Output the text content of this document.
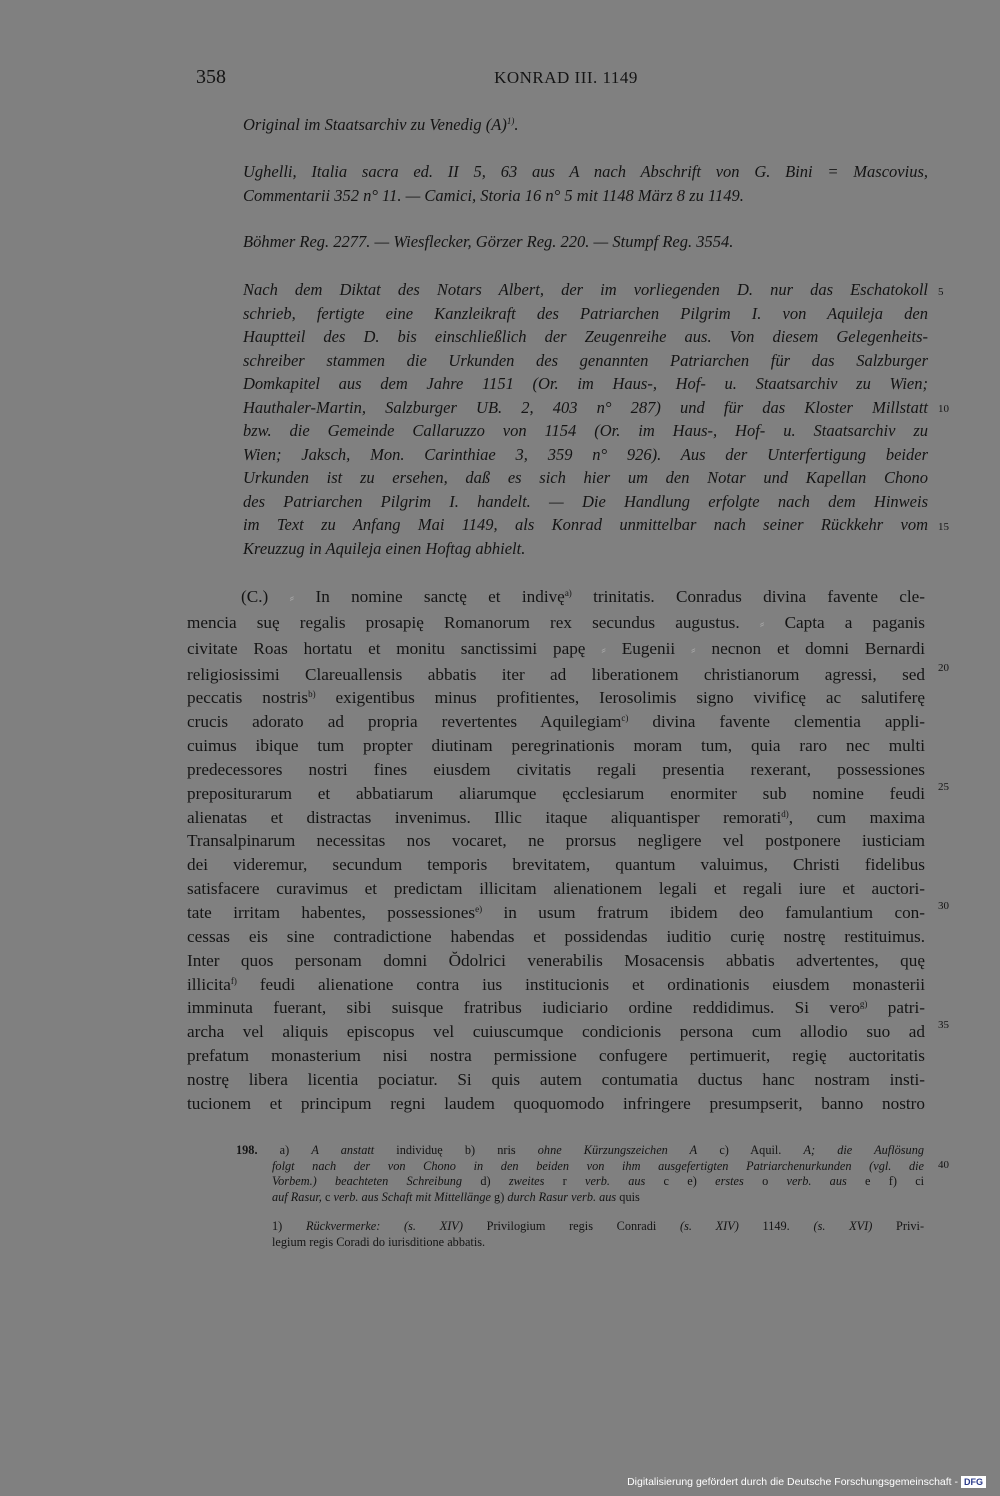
358	KONRAD III. 1149
Original im Staatsarchiv zu Venedig $(A)^{1)}$.
Ughelli, Italia sacra ed. II 5, 63 aus A nach Abschrift von G. Bini = Mascovius,
Commentarii 352 n° 11. — Camici, Storia 16 n° 5 mit 1148 März 8 zu 1149.
Böhmer Reg. 2277. — Wiesflecker, Görzer Reg. 220. — Stumpf Reg. 3554.
Nach dem Diktat des Notars Albert, der im vorliegenden D. nur das Eschatokoll
schrieb, fertigte eine Kanzleikraft des Patriarchen Pilgrim I. von Aquileja den
Hauptteil des D. bis einschließlich der Zeugenreihe aus. Von diesem Gelegenheits-
schreiber stammen die Urkunden des genannten Patriarchen für das Salzburger
Domkapitel aus dem Jahre 1151 (Or. im Haus-, Hof- u. Staatsarchiv zu Wien;
Hauthaler-Martin, Salzburger UB. 2, 403 n° 287) und für das Kloster Millstatt
bzw. die Gemeinde Callaruzzo von 1154 (Or. im Haus-, Hof- u. Staatsarchiv zu
Wien; Jaksch, Mon. Carinthiae 3, 359 n° 926). Aus der Unterfertigung beider
Urkunden ist zu ersehen, daß es sich hier um den Notar und Kapellan Chono
des Patriarchen Pilgrim I. handelt. — Die Handlung erfolgte nach dem Hinweis
im Text zu Anfang Mai 1149, als Konrad unmittelbar nach seiner Rückkehr vom
Kreuzzug in Aquileja einen Hoftag abhielt.
5
10
15
(C.) ⸗ In nomine sanctę et indivę$^{a)}$ trinitatis. Conradus divina favente cle-
mencia suę regalis prosapię Romanorum rex secundus augustus. ⸗ Capta a paganis
civitate Roas hortatu et monitu sanctissimi papę ⸗ Eugenii ⸗ necnon et domni Bernardi
religiosissimi Clareuallensis abbatis iter ad liberationem christianorum agressi, sed
peccatis nostris$^{b)}$ exigentibus minus profitientes, Ierosolimis signo vivificę ac salutiferę
crucis adorato ad propria revertentes Aquilegiam$^{c)}$ divina favente clementia appli-
cuimus ibique tum propter diutinam peregrinationis moram tum, quia raro nec multi
predecessores nostri fines eiusdem civitatis regali presentia rexerant, possessiones
prepositurarum et abbatiarum aliarumque ęcclesiarum enormiter sub nomine feudi
alienatas et distractas invenimus. Illic itaque aliquantisper remorati$^{d)}$, cum maxima
Transalpinarum necessitas nos vocaret, ne prorsus negligere vel postponere iusticiam
dei videremur, secundum temporis brevitatem, quantum valuimus, Christi fidelibus
satisfacere curavimus et predictam illicitam alienationem legali et regali iure et auctori-
tate irritam habentes, possessiones$^{e)}$ in usum fratrum ibidem deo famulantium con-
cessas eis sine contradictione habendas et possidendas iuditio curię nostrę restituimus.
Inter quos personam domni Ŏdolrici venerabilis Mosacensis abbatis advertentes, quę
illicita$^{f)}$ feudi alienatione contra ius institucionis et ordinationis eiusdem monasterii
imminuta fuerant, sibi suisque fratribus iudiciario ordine reddidimus. Si vero$^{g)}$ patri-
archa vel aliquis episcopus vel cuiuscumque condicionis persona cum allodio suo ad
prefatum monasterium nisi nostra permissione confugere pertimuerit, regię auctoritatis
nostrę libera licentia pociatur. Si quis autem contumatia ductus hanc nostram insti-
tucionem et principum regni laudem quoquomodo infringere presumpserit, banno nostro
20
25
30
35
198. a) A anstatt individuę b) nris ohne Kürzungszeichen A c) Aquil. A; die Auflösung
folgt nach der von Chono in den beiden von ihm ausgefertigten Patriarchenurkunden (vgl. die
Vorbem.) beachteten Schreibung d) zweites r verb. aus c e) erstes o verb. aus e f) ci
auf Rasur, c verb. aus Schaft mit Mittellänge g) durch Rasur verb. aus quis
40
1) Rückvermerke: (s. XIV) Privilogium regis Conradi (s. XIV) 1149. (s. XVI) Privi-
legium regis Coradi do iurisditione abbatis.
Digitalisierung gefördert durch die Deutsche Forschungsgemeinschaft - DFG
